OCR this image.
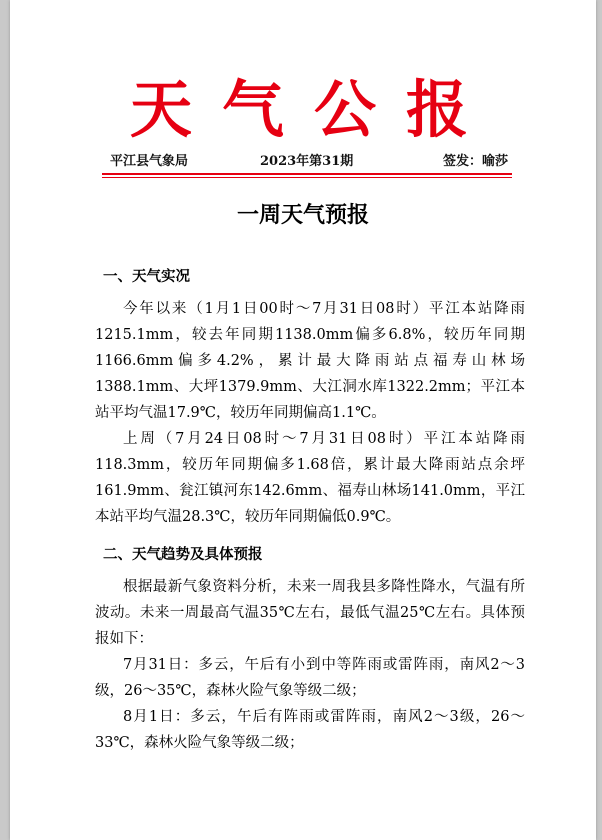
天气公报
平江县气象局	2023年第31期	签发：喻莎
一周天气预报
一、天气实况

今年以来（1月1日00时～7月31日08时）平江本站降雨1215.1mm，较去年同期1138.0mm偏多6.8%，较历年同期1166.6mm偏多4.2%，累计最大降雨站点福寿山林场1388.1mm、大坪1379.9mm、大江洞水库1322.2mm；平江本站平均气温17.9℃，较历年同期偏高1.1℃。

上周（7月24日08时～7月31日08时）平江本站降雨118.3mm，较历年同期偏多1.68倍，累计最大降雨站点余坪161.9mm、瓮江镇河东142.6mm、福寿山林场141.0mm，平江本站平均气温28.3℃，较历年同期偏低0.9℃。

二、天气趋势及具体预报

根据最新气象资料分析，未来一周我县多降性降水，气温有所波动。未来一周最高气温35℃左右，最低气温25℃左右。具体预报如下：

7月31日：多云，午后有小到中等阵雨或雷阵雨，南风2～3级，26～35℃，森林火险气象等级二级；

8月1日：多云，午后有阵雨或雷阵雨，南风2～3级，26～33℃，森林火险气象等级二级；
